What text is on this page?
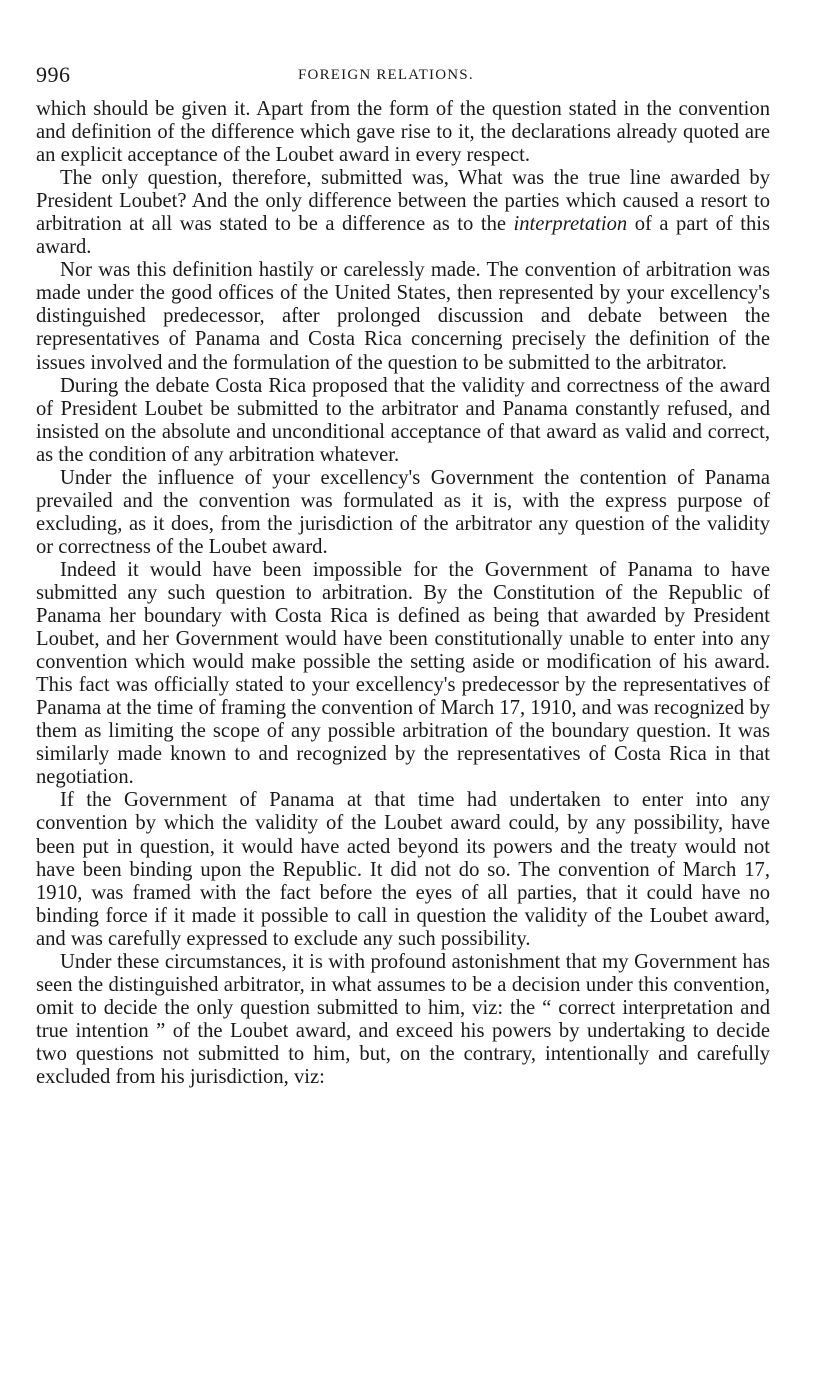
996	FOREIGN RELATIONS.

which should be given it. Apart from the form of the question stated in the convention and definition of the difference which gave rise to it, the declarations already quoted are an explicit acceptance of the Loubet award in every respect.

The only question, therefore, submitted was, What was the true line awarded by President Loubet? And the only difference between the parties which caused a resort to arbitration at all was stated to be a difference as to the interpretation of a part of this award.

Nor was this definition hastily or carelessly made. The convention of arbitration was made under the good offices of the United States, then represented by your excellency's distinguished predecessor, after prolonged discussion and debate between the representatives of Panama and Costa Rica concerning precisely the definition of the issues involved and the formulation of the question to be submitted to the arbitrator.

During the debate Costa Rica proposed that the validity and correctness of the award of President Loubet be submitted to the arbitrator and Panama constantly refused, and insisted on the absolute and unconditional acceptance of that award as valid and correct, as the condition of any arbitration whatever.

Under the influence of your excellency's Government the contention of Panama prevailed and the convention was formulated as it is, with the express purpose of excluding, as it does, from the jurisdiction of the arbitrator any question of the validity or correctness of the Loubet award.

Indeed it would have been impossible for the Government of Panama to have submitted any such question to arbitration. By the Constitution of the Republic of Panama her boundary with Costa Rica is defined as being that awarded by President Loubet, and her Government would have been constitutionally unable to enter into any convention which would make possible the setting aside or modification of his award. This fact was officially stated to your excellency's predecessor by the representatives of Panama at the time of framing the convention of March 17, 1910, and was recognized by them as limiting the scope of any possible arbitration of the boundary question. It was similarly made known to and recognized by the representatives of Costa Rica in that negotiation.

If the Government of Panama at that time had undertaken to enter into any convention by which the validity of the Loubet award could, by any possibility, have been put in question, it would have acted beyond its powers and the treaty would not have been binding upon the Republic. It did not do so. The convention of March 17, 1910, was framed with the fact before the eyes of all parties, that it could have no binding force if it made it possible to call in question the validity of the Loubet award, and was carefully expressed to exclude any such possibility.

Under these circumstances, it is with profound astonishment that my Government has seen the distinguished arbitrator, in what assumes to be a decision under this convention, omit to decide the only question submitted to him, viz: the “ correct interpretation and true intention ” of the Loubet award, and exceed his powers by undertaking to decide two questions not submitted to him, but, on the contrary, intentionally and carefully excluded from his jurisdiction, viz:
